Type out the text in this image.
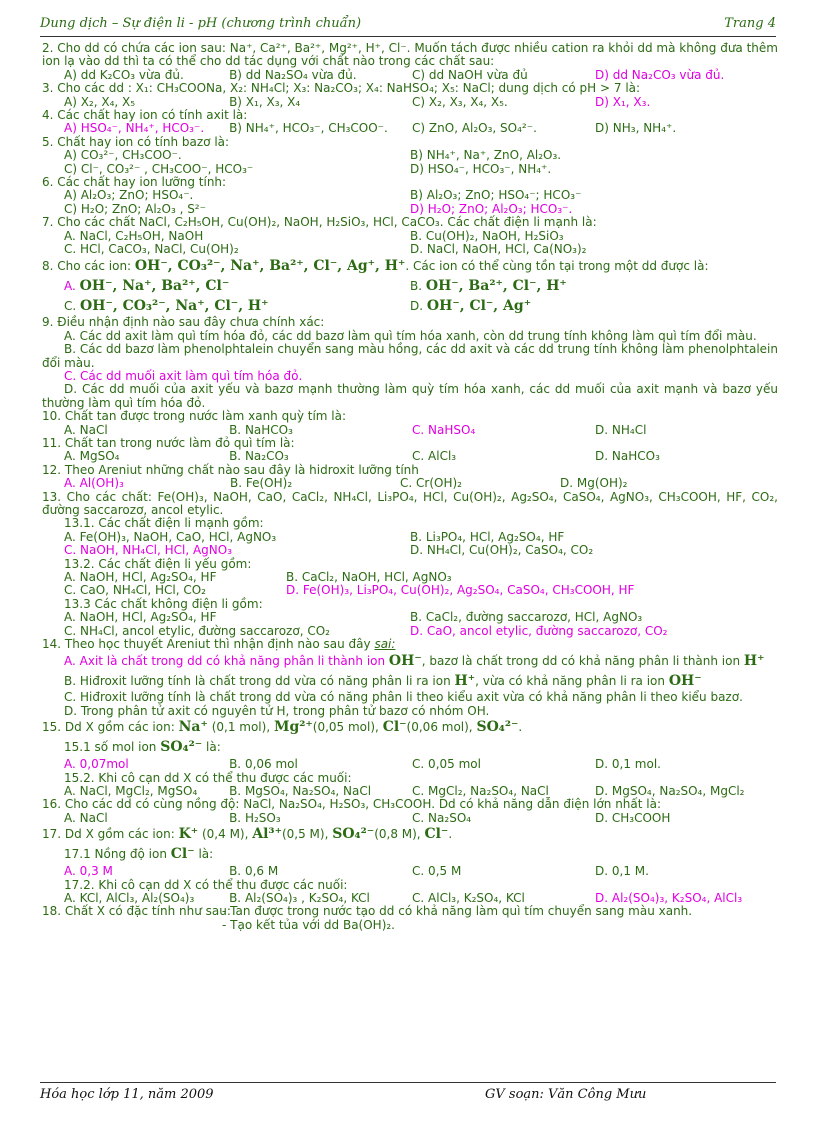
Dung dịch – Sự điện li - pH (chương trình chuẩn)	Trang 4
2. Cho dd có chứa các ion sau: Na⁺, Ca²⁺, Ba²⁺, Mg²⁺, H⁺, Cl⁻. Muốn tách được nhiều cation ra khỏi dd mà không đưa thêm ion lạ vào dd thì ta có thể cho dd tác dụng với chất nào trong các chất sau:
A) dd K₂CO₃ vừa đủ.	B) dd Na₂SO₄ vừa đủ.	C) dd NaOH vừa đủ	D) dd Na₂CO₃ vừa đủ.
3. Cho các dd : X₁: CH₃COONa, X₂: NH₄Cl; X₃: Na₂CO₃; X₄: NaHSO₄; X₅: NaCl; dung dịch có pH > 7 là:
A) X₂, X₄, X₅	B) X₁, X₃, X₄	C) X₂, X₃, X₄, X₅.	D) X₁, X₃.
4. Các chất hay ion có tính axit là:
A) HSO₄⁻, NH₄⁺, HCO₃⁻.	B) NH₄⁺, HCO₃⁻, CH₃COO⁻.	C) ZnO, Al₂O₃, SO₄²⁻.	D) NH₃, NH₄⁺.
5. Chất hay ion có tính bazơ là:
A) CO₃²⁻, CH₃COO⁻.	B) NH₄⁺, Na⁺, ZnO, Al₂O₃.
C) Cl⁻, CO₃²⁻ , CH₃COO⁻, HCO₃⁻	D) HSO₄⁻, HCO₃⁻, NH₄⁺.
6. Các chất hay ion lưỡng tính:
A) Al₂O₃; ZnO; HSO₄⁻.	B) Al₂O₃; ZnO; HSO₄⁻; HCO₃⁻
C) H₂O; ZnO; Al₂O₃ , S²⁻	D) H₂O; ZnO; Al₂O₃; HCO₃⁻.
7. Cho các chất NaCl, C₂H₅OH, Cu(OH)₂, NaOH, H₂SiO₃, HCl, CaCO₃. Các chất điện li mạnh là:
A. NaCl, C₂H₅OH, NaOH	B. Cu(OH)₂, NaOH, H₂SiO₃
C. HCl, CaCO₃, NaCl, Cu(OH)₂	D. NaCl, NaOH, HCl, Ca(NO₃)₂
8. Cho các ion:
OH⁻, CO₃²⁻, Na⁺, Ba²⁺, Cl⁻, Ag⁺, H⁺ . Các ion có thể cùng tồn tại trong một dd được là:
A. OH⁻, Na⁺, Ba²⁺, Cl⁻	B. OH⁻, Ba²⁺, Cl⁻, H⁺
C. OH⁻, CO₃²⁻, Na⁺, Cl⁻, H⁺	D. OH⁻, Cl⁻, Ag⁺
9. Điều nhận định nào sau đây chưa chính xác:
A. Các dd axit làm quì tím hóa đỏ, các dd bazơ làm quì tím hóa xanh, còn dd trung tính không làm quì tím đổi màu.
B. Các dd bazơ làm phenolphtalein chuyển sang màu hồng, các dd axit và các dd trung tính không làm phenolphtalein đổi màu.
C. Các dd muối axit làm quì tím hóa đỏ.
D. Các dd muối của axit yếu và bazơ mạnh thường làm quỳ tím hóa xanh, các dd muối của axit mạnh và bazơ yếu thường làm quì tím hóa đỏ.
10. Chất tan được trong nước làm xanh quỳ tím là:
A. NaCl	B. NaHCO₃	C. NaHSO₄	D. NH₄Cl
11. Chất tan trong nước làm đỏ quì tím là:
A. MgSO₄	B. Na₂CO₃	C. AlCl₃	D. NaHCO₃
12. Theo Areniut những chất nào sau đây là hidroxit lưỡng tính
A. Al(OH)₃	B. Fe(OH)₂	C. Cr(OH)₂	D. Mg(OH)₂
13. Cho các chất: Fe(OH)₃, NaOH, CaO, CaCl₂, NH₄Cl, Li₃PO₄, HCl, Cu(OH)₂, Ag₂SO₄, CaSO₄, AgNO₃, CH₃COOH, HF, CO₂, đường saccarozơ, ancol etylic.
13.1. Các chất điện li mạnh gồm:
A. Fe(OH)₃, NaOH, CaO, HCl, AgNO₃	B. Li₃PO₄, HCl, Ag₂SO₄, HF
C. NaOH, NH₄Cl, HCl, AgNO₃	D. NH₄Cl, Cu(OH)₂, CaSO₄, CO₂
13.2. Các chất điện li yếu gồm:
A. NaOH, HCl, Ag₂SO₄, HF	B. CaCl₂, NaOH, HCl, AgNO₃
C. CaO, NH₄Cl, HCl, CO₂	D. Fe(OH)₃, Li₃PO₄, Cu(OH)₂, Ag₂SO₄, CaSO₄, CH₃COOH, HF
13.3 Các chất không điện li gồm:
A. NaOH, HCl, Ag₂SO₄, HF	B. CaCl₂, đường saccarozơ, HCl, AgNO₃
C. NH₄Cl, ancol etylic, đường saccarozơ, CO₂	D. CaO, ancol etylic, đường saccarozơ, CO₂
14. Theo học thuyết Areniut thì nhận định nào sau đây sai:
A. Axit là chất trong dd có khả năng phân li thành ion
OH⁻ , bazơ là chất trong dd có khả năng phân li thành ion
H⁺
B. Hiđroxit lưỡng tính là chất trong dd vừa có năng phân li ra ion
H⁺ , vừa có khả năng phân li ra ion
OH⁻
C. Hiđroxit lưỡng tính là chất trong dd vừa có năng phân li theo kiểu axit vừa có khả năng phân li theo kiểu bazơ.
D. Trong phân tử axit có nguyên tử H, trong phân tử bazơ có nhóm OH.
15. Dd X gồm các ion:
Na⁺
(0,1 mol),
Mg²⁺ (0,05 mol),
Cl⁻ (0,06 mol),
SO₄²⁻ .
15.1 số mol ion
SO₄²⁻
là:
A. 0,07mol	B. 0,06 mol	C. 0,05 mol	D. 0,1 mol.
15.2. Khi cô cạn dd X có thể thu được các muối:
A. NaCl, MgCl₂, MgSO₄	B. MgSO₄, Na₂SO₄, NaCl	C. MgCl₂, Na₂SO₄, NaCl	D. MgSO₄, Na₂SO₄, MgCl₂
16. Cho các dd có cùng nồng độ: NaCl, Na₂SO₄, H₂SO₃, CH₃COOH. Dd có khả năng dẫn điện lớn nhất là:
A. NaCl	B. H₂SO₃	C. Na₂SO₄	D. CH₃COOH
17. Dd X gồm các ion:
K⁺
(0,4 M),
Al³⁺ (0,5 M),
SO₄²⁻ (0,8 M),
Cl⁻ .
17.1 Nồng độ ion
Cl⁻
là:
A. 0,3 M	B. 0,6 M	C. 0,5 M	D. 0,1 M.
17.2. Khi cô cạn dd X có thể thu được các nuối:
A. KCl, AlCl₃, Al₂(SO₄)₃	B. Al₂(SO₄)₃ , K₂SO₄, KCl	C. AlCl₃, K₂SO₄, KCl	D. Al₂(SO₄)₃, K₂SO₄, AlCl₃
18. Chất X có đặc tính như sau:
- Tan được trong nước tạo dd có khả năng làm quì tím chuyển sang màu xanh.
- Tạo kết tủa với dd Ba(OH)₂.
Hóa học lớp 11, năm 2009	GV soạn: Văn Công Mưu
